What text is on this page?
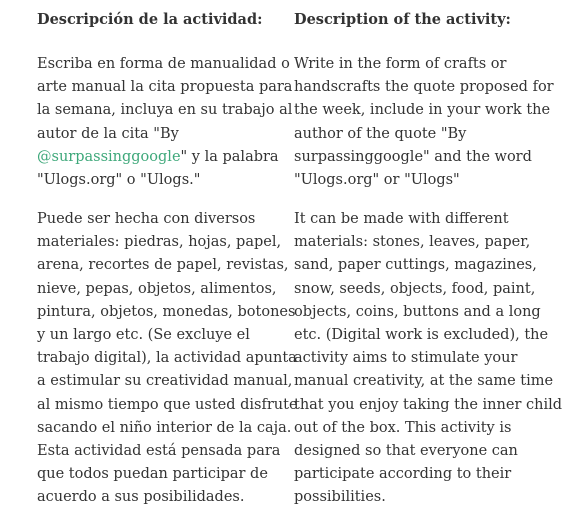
Descripción de la actividad:

Escriba en forma de manualidad o
arte manual la cita propuesta para
la semana, incluya en su trabajo al
autor de la cita "By
@surpassinggoogle" y la palabra
"Ulogs.org" o "Ulogs."

Puede ser hecha con diversos
materiales: piedras, hojas, papel,
arena, recortes de papel, revistas,
nieve, pepas, objetos, alimentos,
pintura, objetos, monedas, botones
y un largo etc. (Se excluye el
trabajo digital), la actividad apunta
a estimular su creatividad manual,
al mismo tiempo que usted disfrute
sacando el niño interior de la caja.
Esta actividad está pensada para
que todos puedan participar de
acuerdo a sus posibilidades.

Description of the activity:

Write in the form of crafts or
handscrafts the quote proposed for
the week, include in your work the
author of the quote "By
surpassinggoogle" and the word
"Ulogs.org" or "Ulogs"

It can be made with different
materials: stones, leaves, paper,
sand, paper cuttings, magazines,
snow, seeds, objects, food, paint,
objects, coins, buttons and a long
etc. (Digital work is excluded), the
activity aims to stimulate your
manual creativity, at the same time
that you enjoy taking the inner child
out of the box. This activity is
designed so that everyone can
participate according to their
possibilities.
